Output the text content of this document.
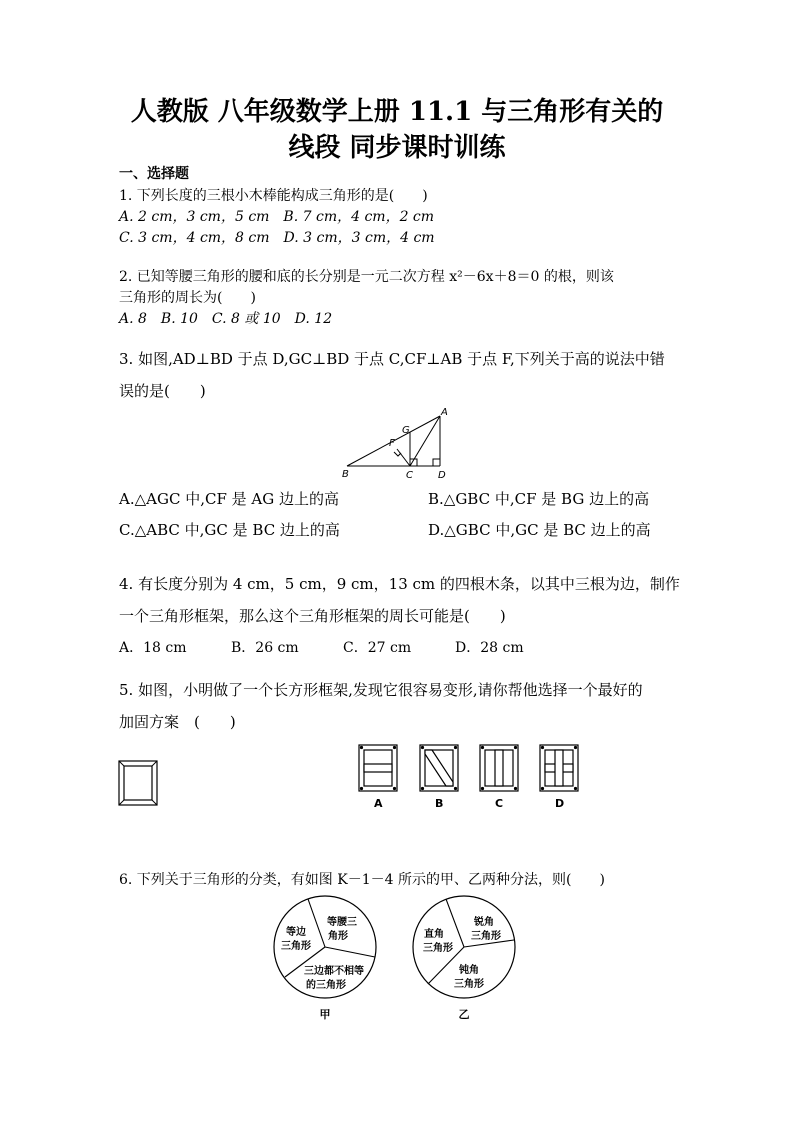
人教版 八年级数学上册 11.1 与三角形有关的
线段 同步课时训练
一、选择题
1. 下列长度的三根小木棒能构成三角形的是(　　)
A. 2 cm，3 cm，5 cm　B. 7 cm，4 cm，2 cm
C. 3 cm，4 cm，8 cm　D. 3 cm，3 cm，4 cm
2. 已知等腰三角形的腰和底的长分别是一元二次方程 x²－6x＋8＝0 的根，则该
三角形的周长为(　　)
A. 8　B. 10　C. 8 或 10　D. 12
3. 如图,AD⊥BD 于点 D,GC⊥BD 于点 C,CF⊥AB 于点 F,下列关于高的说法中错
误的是(　　)
A
B	C	D
F
G
A.△AGC 中,CF 是 AG 边上的高	B.△GBC 中,CF 是 BG 边上的高
C.△ABC 中,GC 是 BC 边上的高	D.△GBC 中,GC 是 BC 边上的高
4. 有长度分别为 4 cm，5 cm，9 cm，13 cm 的四根木条，以其中三根为边，制作
一个三角形框架，那么这个三角形框架的周长可能是(　　)
A．18 cm	B．26 cm	C．27 cm	D．28 cm
5. 如图，小明做了一个长方形框架,发现它很容易变形,请你帮他选择一个最好的
加固方案　(　　)
A	B	C	D
6. 下列关于三角形的分类，有如图 K－1－4 所示的甲、乙两种分法，则(　　)
等边
三角形
等腰三
角形
三边都不相等
的三角形
甲
直角
三角形
锐角
三角形
钝角
三角形
乙
